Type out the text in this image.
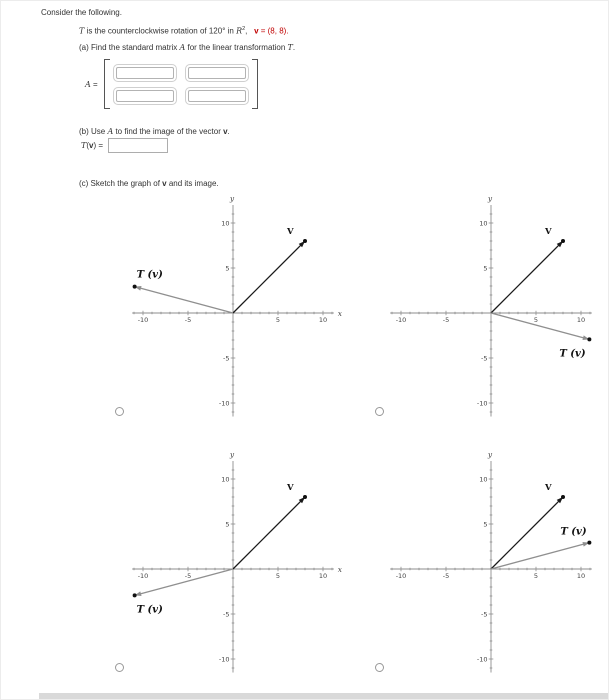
Consider the following.
T is the counterclockwise rotation of 120° in $R^2$,   v = (8, 8).
(a) Find the standard matrix A for the linear transformation T.
A =
(b) Use A to find the image of the vector v.
T(v) =
(c) Sketch the graph of v and its image.
-10
-10
-5
-5
5
5
10
10
y
x
V
T (v)
-10
-10
-5
-5
5
5
10
10
y
V
T (v)
-10
-10
-5
-5
5
5
10
10
y
x
V
T (v)
-10
-10
-5
-5
5
5
10
10
y
V
T (v)
